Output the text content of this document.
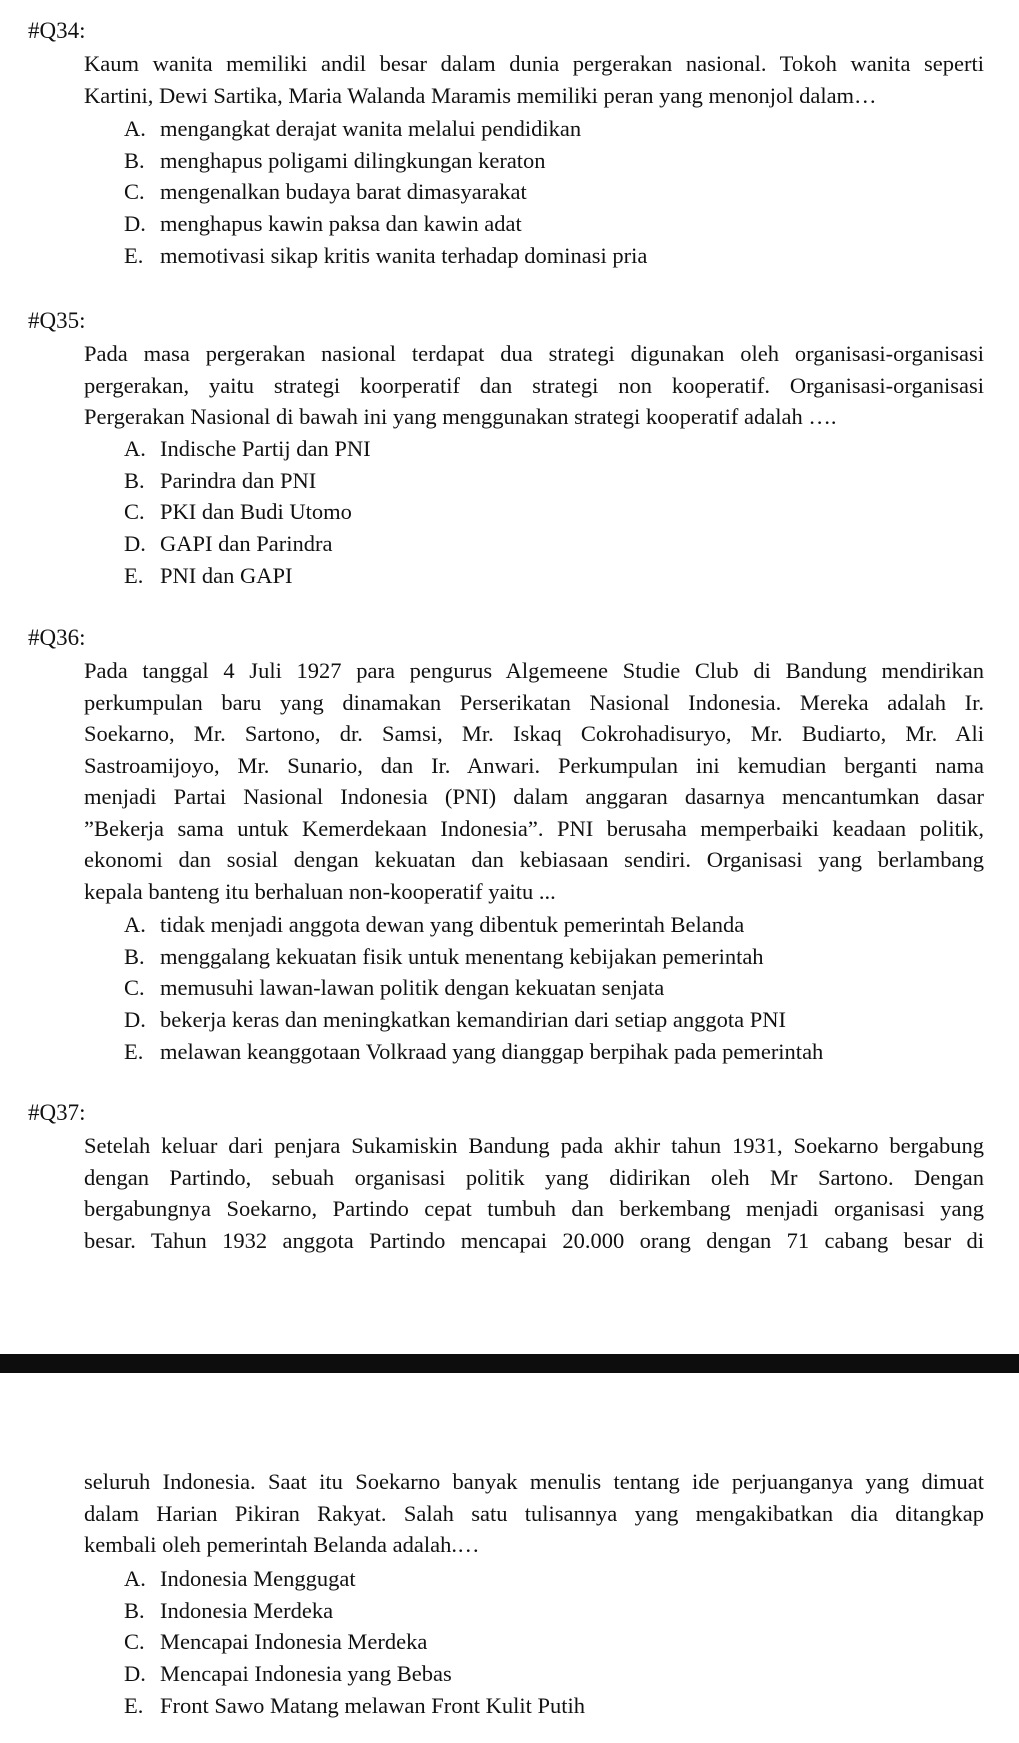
#Q34:
Kaum wanita memiliki andil besar dalam dunia pergerakan nasional. Tokoh wanita seperti
Kartini, Dewi Sartika, Maria Walanda Maramis memiliki peran yang menonjol dalam…
A. mengangkat derajat wanita melalui pendidikan
B. menghapus poligami dilingkungan keraton
C. mengenalkan budaya barat dimasyarakat
D. menghapus kawin paksa dan kawin adat
E. memotivasi sikap kritis wanita terhadap dominasi pria
#Q35:
Pada masa pergerakan nasional terdapat dua strategi digunakan oleh organisasi-organisasi
pergerakan, yaitu strategi koorperatif dan strategi non kooperatif. Organisasi-organisasi
Pergerakan Nasional di bawah ini yang menggunakan strategi kooperatif adalah ….
A. Indische Partij dan PNI
B. Parindra dan PNI
C. PKI dan Budi Utomo
D. GAPI dan Parindra
E. PNI dan GAPI
#Q36:
Pada tanggal 4 Juli 1927 para pengurus Algemeene Studie Club di Bandung mendirikan
perkumpulan baru yang dinamakan Perserikatan Nasional Indonesia. Mereka adalah Ir.
Soekarno, Mr. Sartono, dr. Samsi, Mr. Iskaq Cokrohadisuryo, Mr. Budiarto, Mr. Ali
Sastroamijoyo, Mr. Sunario, dan Ir. Anwari. Perkumpulan ini kemudian berganti nama
menjadi Partai Nasional Indonesia (PNI) dalam anggaran dasarnya mencantumkan dasar
”Bekerja sama untuk Kemerdekaan Indonesia”. PNI berusaha memperbaiki keadaan politik,
ekonomi dan sosial dengan kekuatan dan kebiasaan sendiri. Organisasi yang berlambang
kepala banteng itu berhaluan non-kooperatif yaitu ...
A. tidak menjadi anggota dewan yang dibentuk pemerintah Belanda
B. menggalang kekuatan fisik untuk menentang kebijakan pemerintah
C. memusuhi lawan-lawan politik dengan kekuatan senjata
D. bekerja keras dan meningkatkan kemandirian dari setiap anggota PNI
E. melawan keanggotaan Volkraad yang dianggap berpihak pada pemerintah
#Q37:
Setelah keluar dari penjara Sukamiskin Bandung pada akhir tahun 1931, Soekarno bergabung
dengan Partindo, sebuah organisasi politik yang didirikan oleh Mr Sartono. Dengan
bergabungnya Soekarno, Partindo cepat tumbuh dan berkembang menjadi organisasi yang
besar. Tahun 1932 anggota Partindo mencapai 20.000 orang dengan 71 cabang besar di
seluruh Indonesia. Saat itu Soekarno banyak menulis tentang ide perjuanganya yang dimuat
dalam Harian Pikiran Rakyat. Salah satu tulisannya yang mengakibatkan dia ditangkap
kembali oleh pemerintah Belanda adalah.…
A. Indonesia Menggugat
B. Indonesia Merdeka
C. Mencapai Indonesia Merdeka
D. Mencapai Indonesia yang Bebas
E. Front Sawo Matang melawan Front Kulit Putih
